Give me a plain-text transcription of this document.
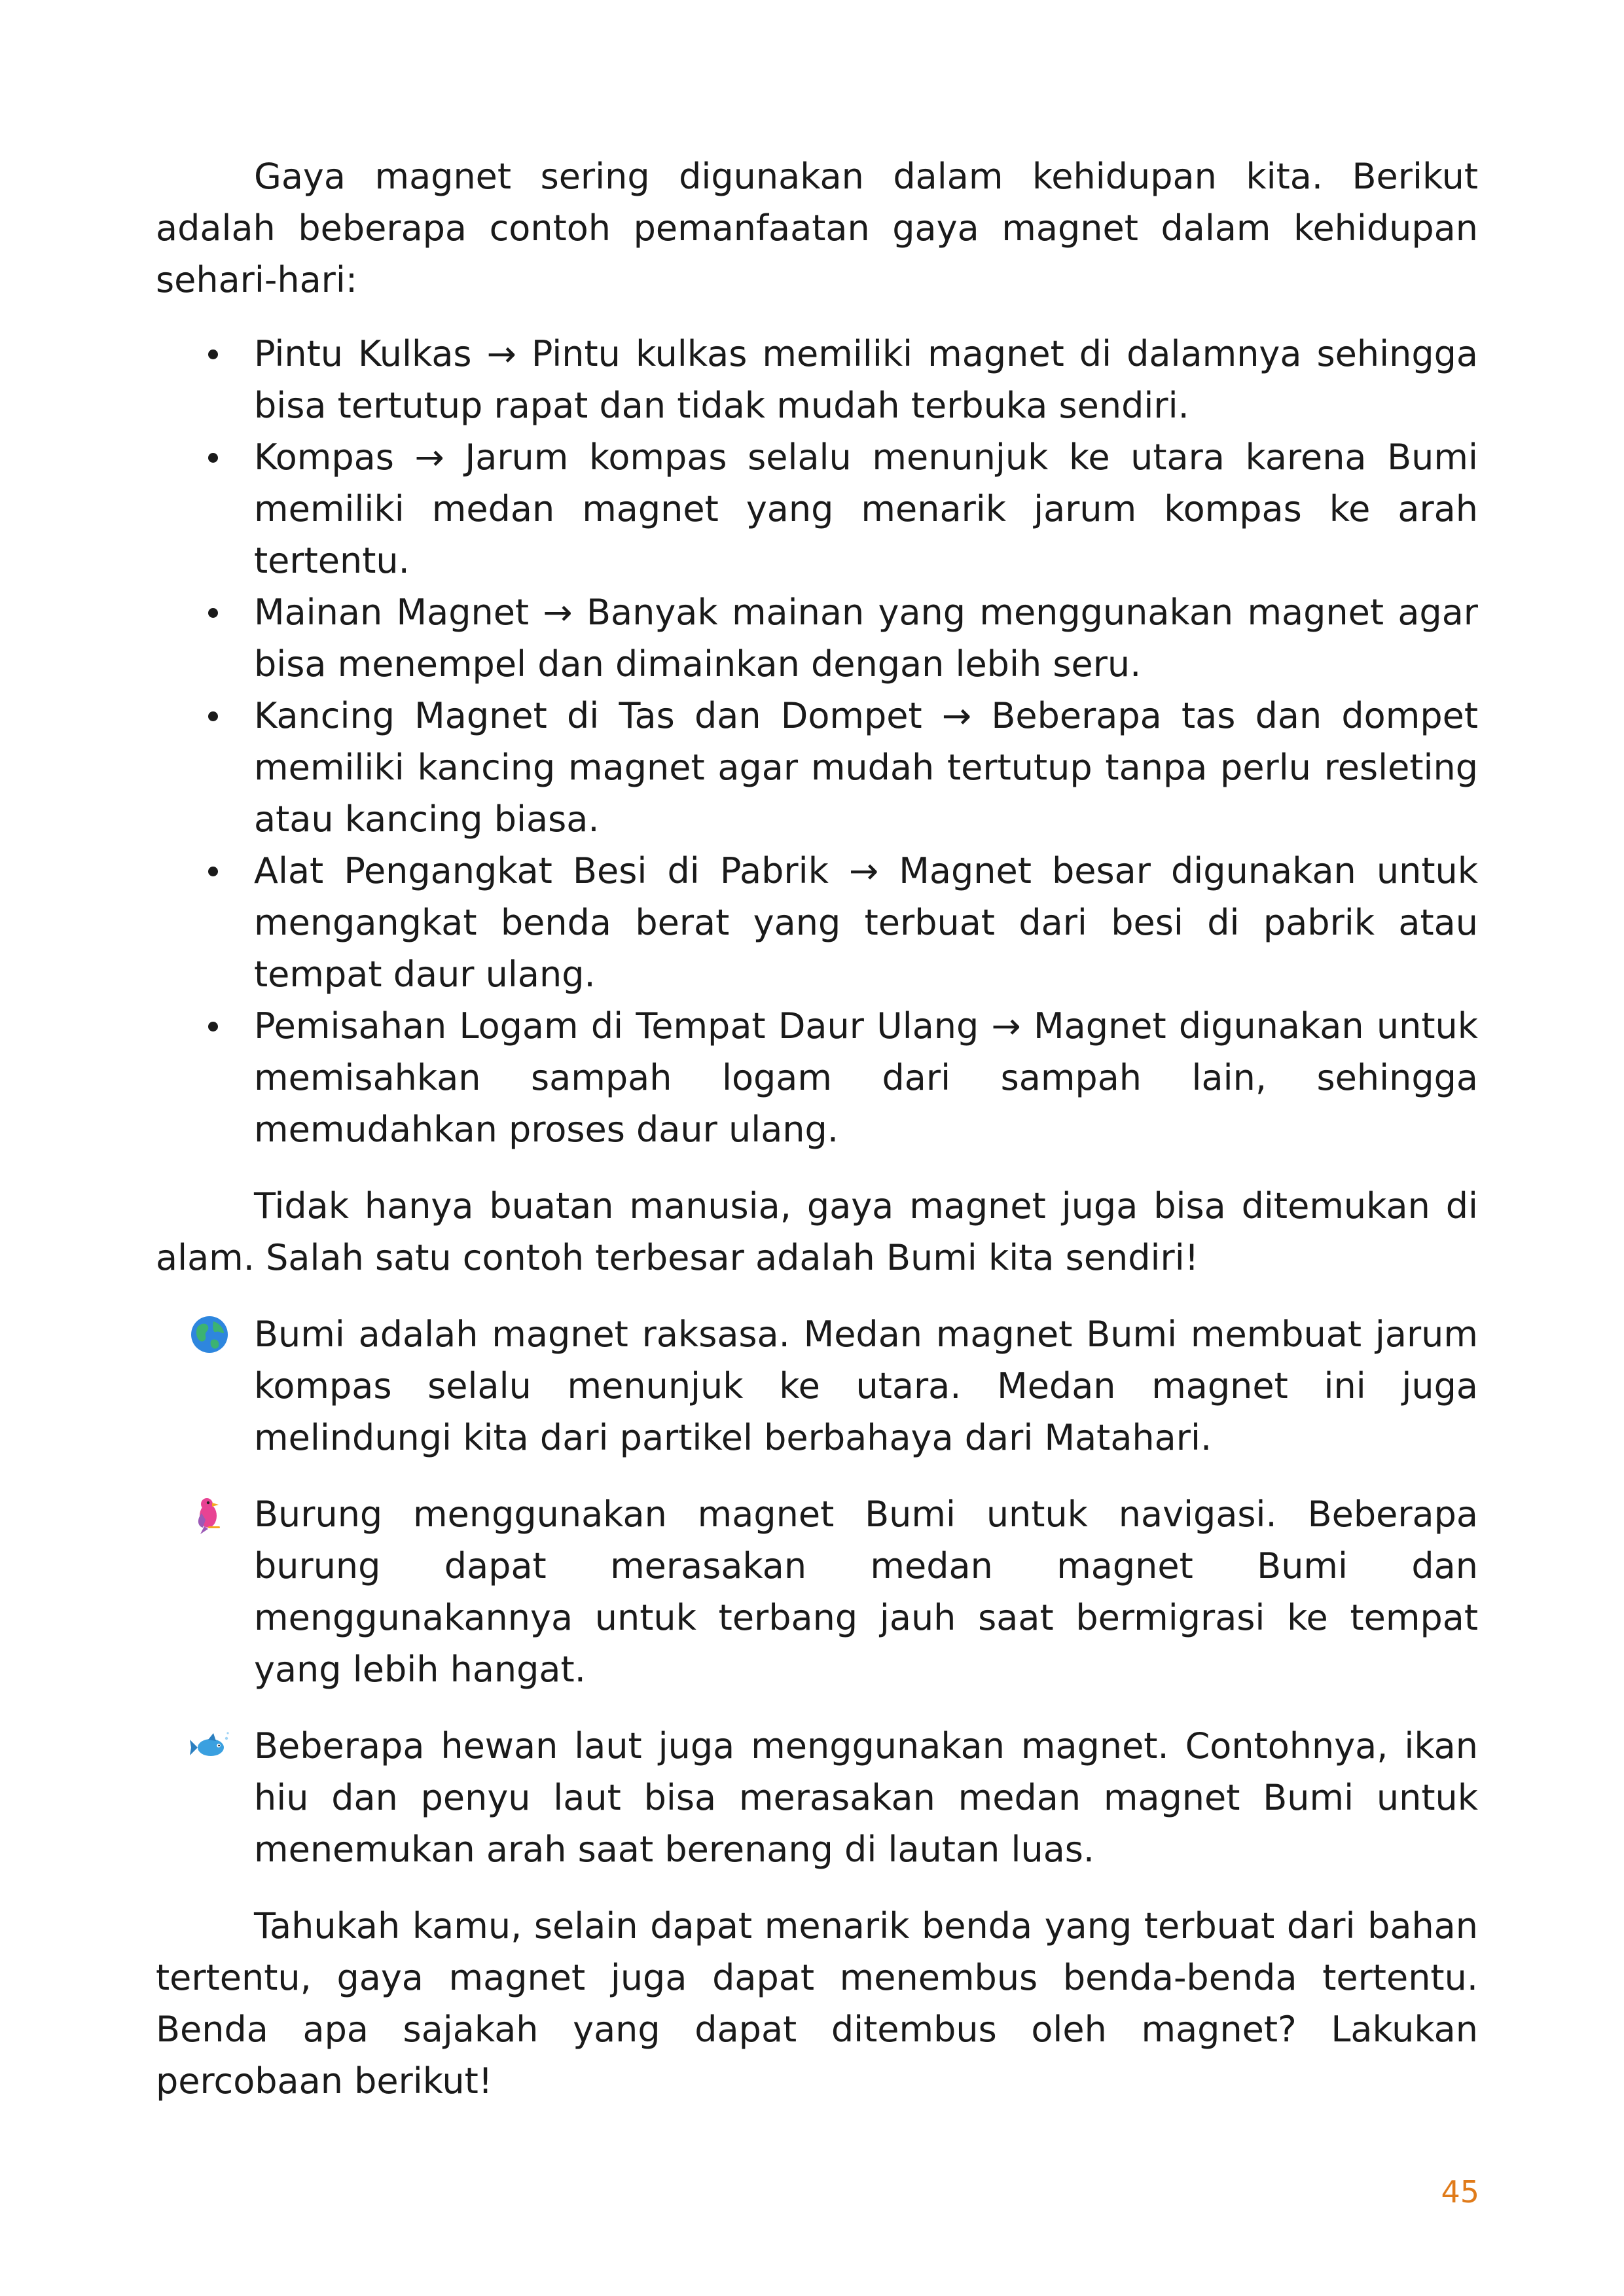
Gaya magnet sering digunakan dalam kehidupan kita. Berikut adalah beberapa contoh pemanfaatan gaya magnet dalam kehidupan sehari-hari:

Pintu Kulkas → Pintu kulkas memiliki magnet di dalamnya sehingga bisa tertutup rapat dan tidak mudah terbuka sendiri.
Kompas → Jarum kompas selalu menunjuk ke utara karena Bumi memiliki medan magnet yang menarik jarum kompas ke arah tertentu.
Mainan Magnet → Banyak mainan yang menggunakan magnet agar bisa menempel dan dimainkan dengan lebih seru.
Kancing Magnet di Tas dan Dompet → Beberapa tas dan dompet memiliki kancing magnet agar mudah tertutup tanpa perlu resleting atau kancing biasa.
Alat Pengangkat Besi di Pabrik → Magnet besar digunakan untuk mengangkat benda berat yang terbuat dari besi di pabrik atau tempat daur ulang.
Pemisahan Logam di Tempat Daur Ulang → Magnet digunakan untuk memisahkan sampah logam dari sampah lain, sehingga memudahkan proses daur ulang.

Tidak hanya buatan manusia, gaya magnet juga bisa ditemukan di alam. Salah satu contoh terbesar adalah Bumi kita sendiri!

Bumi adalah magnet raksasa. Medan magnet Bumi membuat jarum kompas selalu menunjuk ke utara. Medan magnet ini juga melindungi kita dari partikel berbahaya dari Matahari.
Burung menggunakan magnet Bumi untuk navigasi. Beberapa burung dapat merasakan medan magnet Bumi dan menggunakannya untuk terbang jauh saat bermigrasi ke tempat yang lebih hangat.
Beberapa hewan laut juga menggunakan magnet. Contohnya, ikan hiu dan penyu laut bisa merasakan medan magnet Bumi untuk menemukan arah saat berenang di lautan luas.

Tahukah kamu, selain dapat menarik benda yang terbuat dari bahan tertentu, gaya magnet juga dapat menembus benda-benda tertentu. Benda apa sajakah yang dapat ditembus oleh magnet? Lakukan percobaan berikut!

45
